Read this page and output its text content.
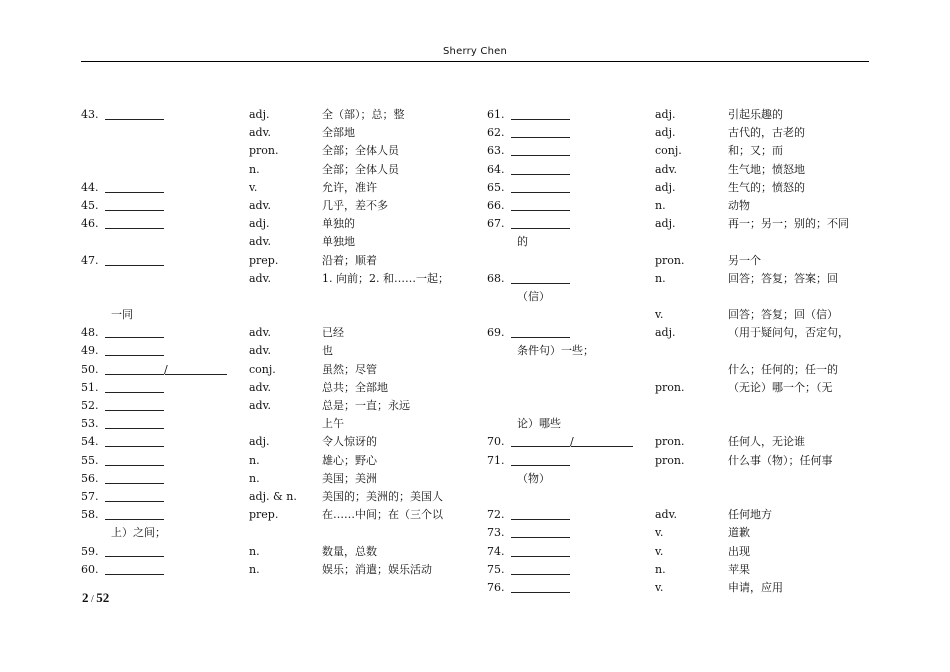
Sherry Chen
43.	adj.	全（部）；总；整
adv.	全部地
pron.	全部；全体人员
n.	全部；全体人员
44.	v.	允许，准许
45.	adv.	几乎，差不多
46.	adj.	单独的
adv.	单独地
47.	prep.	沿着；顺着
adv.	1. 向前；2. 和……一起；
一同
48.	adv.	已经
49.	adv.	也
50.	/	conj.	虽然；尽管
51.	adv.	总共；全部地
52.	adv.	总是；一直；永远
53.	上午
54.	adj.	令人惊讶的
55.	n.	雄心；野心
56.	n.	美国；美洲
57.	adj. & n. 美国的；美洲的；美国人
58.	prep.	在……中间；在（三个以
上）之间；
59.	n.	数量，总数
60.	n.	娱乐；消遣；娱乐活动
61.	adj.	引起乐趣的
62.	adj.	古代的，古老的
63.	conj.	和；又；而
64.	adv.	生气地；愤怒地
65.	adj.	生气的；愤怒的
66.	n.	动物
67.	adj.	再一；另一；别的；不同
的
pron.	另一个
68.	n.	回答；答复；答案；回
（信）
v.	回答；答复；回（信）
69.	adj.	（用于疑问句，否定句，
条件句）一些；
什么；任何的；任一的
pron.	（无论）哪一个；（无
论）哪些
70.	/	pron.	任何人，无论谁
71.	pron.	什么事（物）；任何事
（物）
72.	adv.	任何地方
73.	v.	道歉
74.	v.	出现
75.	n.	苹果
76.	v.	申请，应用
2 / 52
